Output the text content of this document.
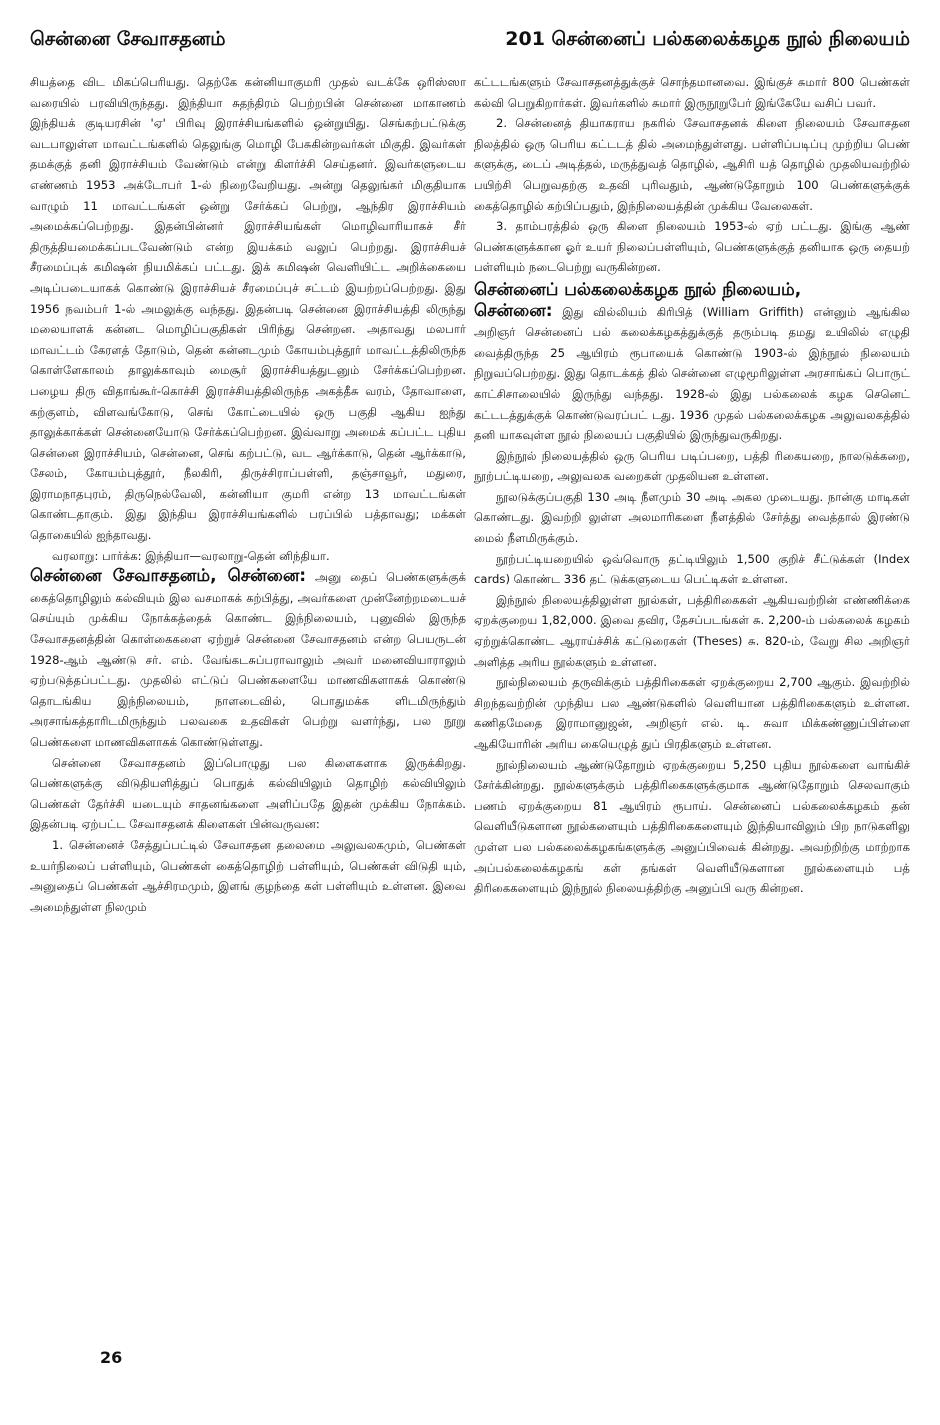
சென்னை சேவாசதனம்	201 சென்னைப் பல்கலைக்கழக நூல் நிலையம்

சியத்தை விட மிகப்பெரியது. தெற்கே கன்னியாகுமரி முதல் வடக்கே ஒரிஸ்ஸா வரையில் பரவியிருந்தது. இந்தியா சுதந்திரம் பெற்றபின் சென்னை மாகாணம் இந்தியக் குடியரசின் 'ஏ' பிரிவு இராச்சியங்களில் ஒன்றுயிது. செங்கற்பட்டுக்கு வடபாலுள்ள மாவட்டங்களில் தெலுங்கு மொழி பேசுகின்றவர்கள் மிகுதி. இவர்கள் தமக்குத் தனி இராச்சியம் வேண்டும் என்று கிளர்ச்சி செய்தனர். இவர்களுடைய எண்ணம் 1953 அக்டோபர் 1-ல் நிறைவேறியது. அன்று தெலுங்கர் மிகுதியாக வாழும் 11 மாவட்டங்கள் ஒன்று சேர்க்கப் பெற்று, ஆந்திர இராச்சியம் அமைக்கப்பெற்றது. இதன்பின்னர் இராச்சியங்கள் மொழிவாரியாகச் சீர் திருத்தியமைக்கப்படவேண்டும் என்ற இயக்கம் வலுப் பெற்றது. இராச்சியச் சீரமைப்புக் கமிஷன் நியமிக்கப் பட்டது. இக் கமிஷன் வெளியிட்ட அறிக்கையை அடிப்படையாகக் கொண்டு இராச்சியச் சீரமைப்புச் சட்டம் இயற்றப்பெற்றது. இது 1956 நவம்பர் 1-ல் அமலுக்கு வந்தது. இதன்படி சென்னை இராச்சியத்தி லிருந்து மலையாளக் கன்னட மொழிப்பகுதிகள் பிரிந்து சென்றன. அதாவது மலபார் மாவட்டம் கேரளத் தோடும், தென் கன்னடமும் கோயம்புத்தூர் மாவட்டத்திலிருந்த கொள்ளேகாலம் தாலுக்காவும் மைசூர் இராச்சியத்துடனும் சேர்க்கப்பெற்றன. பழைய திரு விதாங்கூர்-கொச்சி இராச்சியத்திலிருந்த அகத்தீசு வரம், தோவாளை, கற்குளம், விளவங்கோடு, செங் கோட்டையில் ஒரு பகுதி ஆகிய ஐந்து தாலுக்காக்கள் சென்னையோடு சேர்க்கப்பெற்றன. இவ்வாறு அமைக் கப்பட்ட புதிய சென்னை இராச்சியம், சென்னை, செங் கற்பட்டு, வட ஆர்க்காடு, தென் ஆர்க்காடு, சேலம், கோயம்புத்தூர், நீலகிரி, திருச்சிராப்பள்ளி, தஞ்சாவூர், மதுரை, இராமநாதபுரம், திருநெல்வேலி, கன்னியா குமரி என்ற 13 மாவட்டங்கள் கொண்டதாகும். இது இந்திய இராச்சியங்களில் பரப்பில் பத்தாவது; மக்கள் தொகையில் ஐந்தாவது.

வரலாறு: பார்க்க: இந்தியா—வரலாறு-தென் னிந்தியா.

சென்னை சேவாசதனம், சென்னை: அனு தைப் பெண்களுக்குக் கைத்தொழிலும் கல்வியும் இல வசமாகக் கற்பித்து, அவர்களை முன்னேற்றமடையச் செய்யும் முக்கிய நோக்கத்தைக் கொண்ட இந்நிலையம், புனுவில் இருந்த சேவாசதனத்தின் கொள்கைகளை ஏற்றுச் சென்னை சேவாசதனம் என்ற பெயருடன் 1928-ஆம் ஆண்டு சர். எம். வேங்கடசுப்பராவாலும் அவர் மனைவியாராலும் ஏற்படுத்தப்பட்டது. முதலில் எட்டுப் பெண்களையே மாணவிகளாகக் கொண்டு தொடங்கிய இந்நிலையம், நாளடைவில், பொதுமக்க ளிடமிருந்தும் அரசாங்கத்தாரிடமிருந்தும் பலவகை உதவிகள் பெற்று வளர்ந்து, பல நூறு பெண்களை மாணவிகளாகக் கொண்டுள்ளது.

சென்னை சேவாசதனம் இப்பொழுது பல கிளைகளாக இருக்கிறது. பெண்களுக்கு விடுதியளித்துப் பொதுக் கல்வியிலும் தொழிற் கல்வியிலும் பெண்கள் தேர்ச்சி யடையும் சாதனங்களை அளிப்பதே இதன் முக்கிய நோக்கம். இதன்படி ஏற்பட்ட சேவாசதனக் கிளைகள் பின்வருவன:

1. சென்னைச் சேத்துப்பட்டில் சேவாசதன தலைமை அலுவலகமும், பெண்கள் உயர்நிலைப் பள்ளியும், பெண்கள் கைத்தொழிற் பள்ளியும், பெண்கள் விடுதி யும், அனுதைப் பெண்கள் ஆச்சிரமமும், இளங் குழந்தை கள் பள்ளியும் உள்ளன. இவை அமைந்துள்ள நிலமும்

கட்டடங்களும் சேவாசதனத்துக்குச் சொந்தமானவை. இங்குச் சுமார் 800 பெண்கள் கல்வி பெறுகிறார்கள். இவர்களில் சுமார் இருநூறுபேர் இங்கேயே வசிப் பவர்.

2. சென்னைத் தியாகராய நகரில் சேவாசதனக் கிளை நிலையம் சேவாசதன நிலத்தில் ஒரு பெரிய கட்டடத் தில் அமைந்துள்ளது. பள்ளிப்படிப்பு முற்றிய பெண் களுக்கு, டைப் அடித்தல், மருத்துவத் தொழில், ஆசிரி யத் தொழில் முதலியவற்றில் பயிற்சி பெறுவதற்கு உதவி புரிவதும், ஆண்டுதோறும் 100 பெண்களுக்குக் கைத்தொழில் கற்பிப்பதும், இந்நிலையத்தின் முக்கிய வேலைகள்.

3. தாம்பரத்தில் ஒரு கிளை நிலையம் 1953-ல் ஏற் பட்டது. இங்கு ஆண் பெண்களுக்கான ஓர் உயர் நிலைப்பள்ளியும், பெண்களுக்குத் தனியாக ஒரு தையற் பள்ளியும் நடைபெற்று வருகின்றன.

சென்னைப் பல்கலைக்கழக நூல் நிலையம்,

சென்னை: இது வில்லியம் கிரிபித் (William Griffith) என்னும் ஆங்கில அறிஞர் சென்னைப் பல் கலைக்கழகத்துக்குத் தரும்படி தமது உயிலில் எழுதி வைத்திருந்த 25 ஆயிரம் ரூபாயைக் கொண்டு 1903-ல் இந்நூல் நிலையம் நிறுவப்பெற்றது. இது தொடக்கத் தில் சென்னை எழுமூரிலுள்ள அரசாங்கப் பொருட் காட்சிசாலையில் இருந்து வந்தது. 1928-ல் இது பல்கலைக் கழக செனெட் கட்டடத்துக்குக் கொண்டுவரப்பட் டது. 1936 முதல் பல்கலைக்கழக அலுவலகத்தில் தனி யாகவுள்ள நூல் நிலையப் பகுதியில் இருந்துவருகிறது.

இந்நூல் நிலையத்தில் ஒரு பெரிய படிப்பறை, பத்தி ரிகையறை, நாலடுக்கறை, நூற்பட்டியறை, அலுவலக வறைகள் முதலியன உள்ளன.

நூலடுக்குப்பகுதி 130 அடி நீளமும் 30 அடி அகல முடையது. நான்கு மாடிகள் கொண்டது. இவற்றி லுள்ள அலமாரிகளை நீளத்தில் சேர்த்து வைத்தால் இரண்டு மைல் நீளமிருக்கும்.

நூற்பட்டியறையில் ஒவ்வொரு தட்டியிலும் 1,500 குறிச் சீட்டுக்கள் (Index cards) கொண்ட 336 தட் டுக்களுடைய பெட்டிகள் உள்ளன.

இந்நூல் நிலையத்திலுள்ள நூல்கள், பத்திரிகைகள் ஆகியவற்றின் எண்ணிக்கை ஏறக்குறைய 1,82,000. இவை தவிர, தேசப்படங்கள் சு. 2,200-ம் பல்கலைக் கழகம் ஏற்றுக்கொண்ட ஆராய்ச்சிக் கட்டுரைகள் (Theses) சு. 820-ம், வேறு சில அறிஞர் அளித்த அரிய நூல்களும் உள்ளன.

நூல்நிலையம் தருவிக்கும் பத்திரிகைகள் ஏறக்குறைய 2,700 ஆகும். இவற்றில் சிறந்தவற்றின் முந்திய பல ஆண்டுகளில் வெளியான பத்திரிகைகளும் உள்ளன. கணிதமேதை இராமானுஜன், அறிஞர் எல். டி. சுவா மிக்கண்ணுப்பிள்ளை ஆகியோரின் அரிய கையெழுத் துப் பிரதிகளும் உள்ளன.

நூல்நிலையம் ஆண்டுதோறும் ஏறக்குறைய 5,250 புதிய நூல்களை வாங்கிச் சேர்க்கின்றது. நூல்களுக்கும் பத்திரிகைகளுக்குமாக ஆண்டுதோறும் செலவாகும் பணம் ஏறக்குறைய 81 ஆயிரம் ரூபாய். சென்னைப் பல்கலைக்கழகம் தன் வெளியீடுகளான நூல்களையும் பத்திரிகைகளையும் இந்தியாவிலும் பிற நாடுகளிலு முள்ள பல பல்கலைக்கழகங்களுக்கு அனுப்பிவைக் கின்றது. அவற்றிற்கு மாற்றாக அப்பல்கலைக்கழகங் கள் தங்கள் வெளியீடுகளான நூல்களையும் பத் திரிகைகளையும் இந்நூல் நிலையத்திற்கு அனுப்பி வரு கின்றன.

26
